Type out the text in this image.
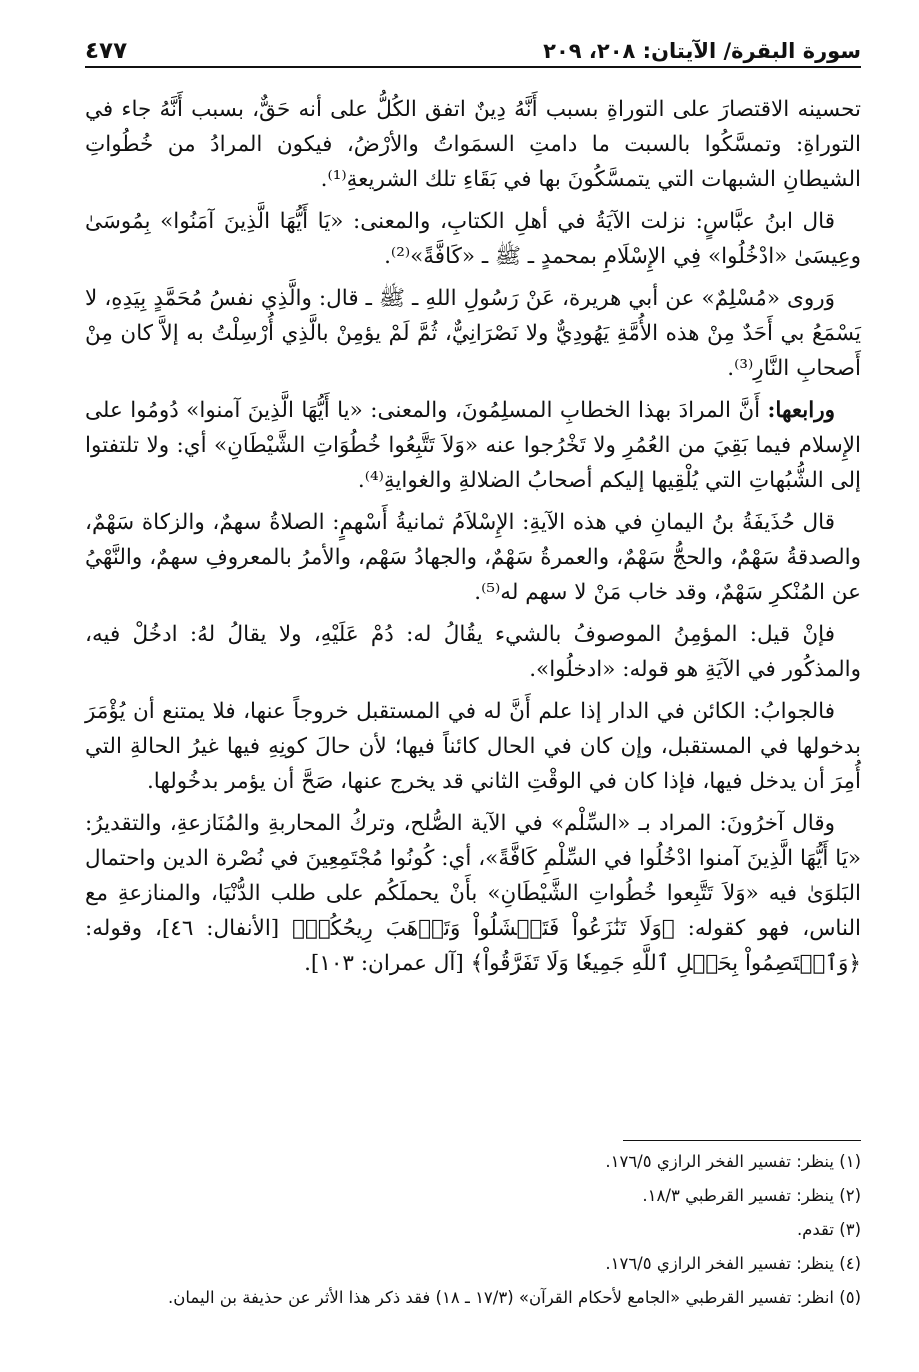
سورة البقرة/ الآيتان: ٢٠٨، ٢٠٩
٤٧٧

تحسينه الاقتصارَ على التوراةِ بسبب أَنَّهُ دِينٌ اتفق الكُلُّ على أنه حَقٌّ، بسبب أَنَّهُ جاء في التوراةِ: وتمسَّكُوا بالسبت ما دامتِ السمَواتُ والأرْضُ، فيكون المرادُ من خُطُواتِ الشيطانِ الشبهات التي يتمسَّكُونَ بها في بَقَاءِ تلك الشريعةِ⁽¹⁾.

قال ابنُ عبَّاسٍ: نزلت الآيَةُ في أهلِ الكتابِ، والمعنى: «يَا أَيُّهَا الَّذِينَ آمَنُوا» بِمُوسَىٰ وعِيسَىٰ «ادْخُلُوا» فِي الإِسْلَامِ بمحمدٍ ـ ﷺ ـ «كَافَّةً»⁽²⁾.

وَروى «مُسْلِمٌ» عن أبي هريرة، عَنْ رَسُولِ اللهِ ـ ﷺ ـ قال: والَّذِي نفسُ مُحَمَّدٍ بِيَدِهِ، لا يَسْمَعُ بي أَحَدٌ مِنْ هذه الأُمَّةِ يَهُودِيٌّ ولا نَصْرَانِيٌّ، ثُمَّ لَمْ يؤمِنْ بالَّذِي أُرْسِلْتُ به إلاَّ كان مِنْ أَصحابِ النَّارِ⁽³⁾.

ورابعها: أَنَّ المرادَ بهذا الخطابِ المسلِمُونَ، والمعنى: «يا أَيُّهَا الَّذِينَ آمنوا» دُومُوا على الإِسلام فيما بَقِيَ من العُمُرِ ولا تَخْرُجوا عنه «وَلاَ تَتَّبِعُوا خُطُوَاتِ الشَّيْطَانِ» أي: ولا تلتفتوا إلى الشُّبُهاتِ التي يُلْقِيها إليكم أصحابُ الضلالةِ والغوايةِ⁽⁴⁾.

قال حُذَيفَةُ بنُ اليمانِ في هذه الآيةِ: الإِسْلاَمُ ثمانيةُ أَسْهمٍ: الصلاةُ سهمٌ، والزكاة سَهْمٌ، والصدقةُ سَهْمٌ، والحجُّ سَهْمٌ، والعمرةُ سَهْمٌ، والجهادُ سَهْم، والأمرُ بالمعروفِ سهمٌ، والنَّهْيُ عن المُنْكرِ سَهْمٌ، وقد خاب مَنْ لا سهم له⁽⁵⁾.

فإنْ قيل: المؤمِنُ الموصوفُ بالشيء يقُالُ له: دُمْ عَلَيْهِ، ولا يقالُ لهُ: ادخُلْ فيه، والمذكُور في الآيَةِ هو قوله: «ادخلُوا».

فالجوابُ: الكائن في الدار إذا علم أَنَّ له في المستقبل خروجاً عنها، فلا يمتنع أن يُؤْمَرَ بدخولها في المستقبل، وإن كان في الحال كائناً فيها؛ لأن حالَ كونِهِ فيها غيرُ الحالةِ التي أُمِرَ أن يدخل فيها، فإذا كان في الوقْتِ الثاني قد يخرج عنها، صَحَّ أن يؤمر بدخُولها.

وقال آخرُونَ: المراد بـ «السِّلْم» في الآية الصُّلح، وتركُ المحاربةِ والمُنَازعةِ، والتقديرُ: «يَا أَيُّهَا الَّذِينَ آمنوا ادْخُلُوا في السِّلْمِ كَافَّةً»، أي: كُونُوا مُجْتَمِعِينَ في نُصْرة الدين واحتمال البَلوَىٰ فيه «وَلاَ تَتَّبِعوا خُطُواتِ الشَّيْطَانِ» بأَنْ يحملَكُم على طلب الدُّنْيَا، والمنازعةِ مع الناس، فهو كقوله: ﴿وَلَا تَنَٰزَعُواْ فَتَفۡشَلُواْ وَتَذۡهَبَ رِيحُكُمۡ﴾ [الأنفال: ٤٦]، وقوله: ﴿وَٱعۡتَصِمُواْ بِحَبۡلِ ٱللَّهِ جَمِيعٗا وَلَا تَفَرَّقُواْ﴾ [آل عمران: ١٠٣].

(١) ينظر: تفسير الفخر الرازي ١٧٦/٥.
(٢) ينظر: تفسير القرطبي ١٨/٣.
(٣) تقدم.
(٤) ينظر: تفسير الفخر الرازي ١٧٦/٥.
(٥) انظر: تفسير القرطبي «الجامع لأحكام القرآن» (١٧/٣ ـ ١٨) فقد ذكر هذا الأثر عن حذيفة بن اليمان.
